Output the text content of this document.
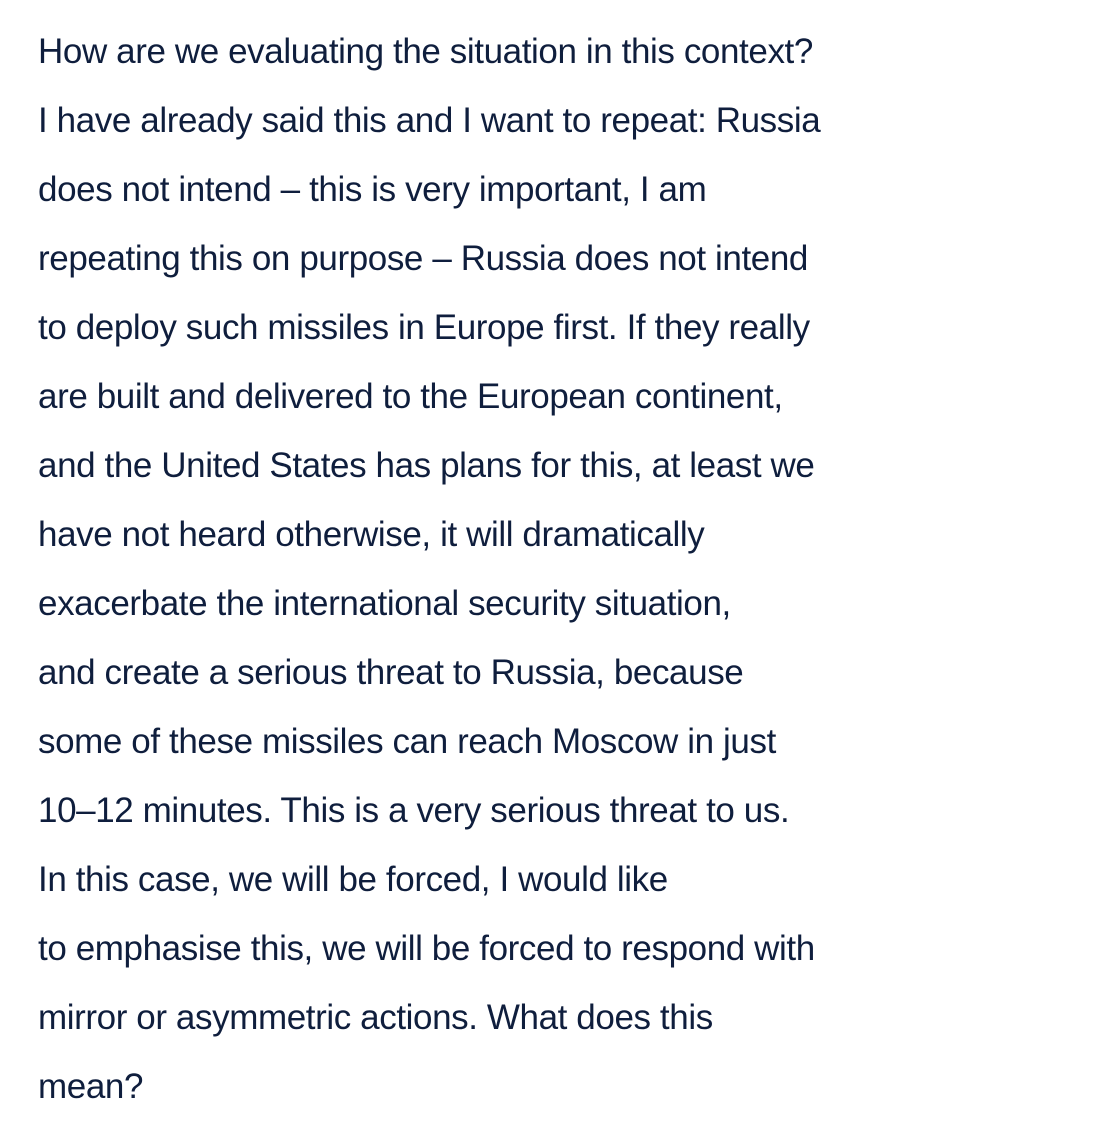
How are we evaluating the situation in this context?
I have already said this and I want to repeat: Russia
does not intend – this is very important, I am
repeating this on purpose – Russia does not intend
to deploy such missiles in Europe first. If they really
are built and delivered to the European continent,
and the United States has plans for this, at least we
have not heard otherwise, it will dramatically
exacerbate the international security situation,
and create a serious threat to Russia, because
some of these missiles can reach Moscow in just
10–12 minutes. This is a very serious threat to us.
In this case, we will be forced, I would like
to emphasise this, we will be forced to respond with
mirror or asymmetric actions. What does this
mean?
